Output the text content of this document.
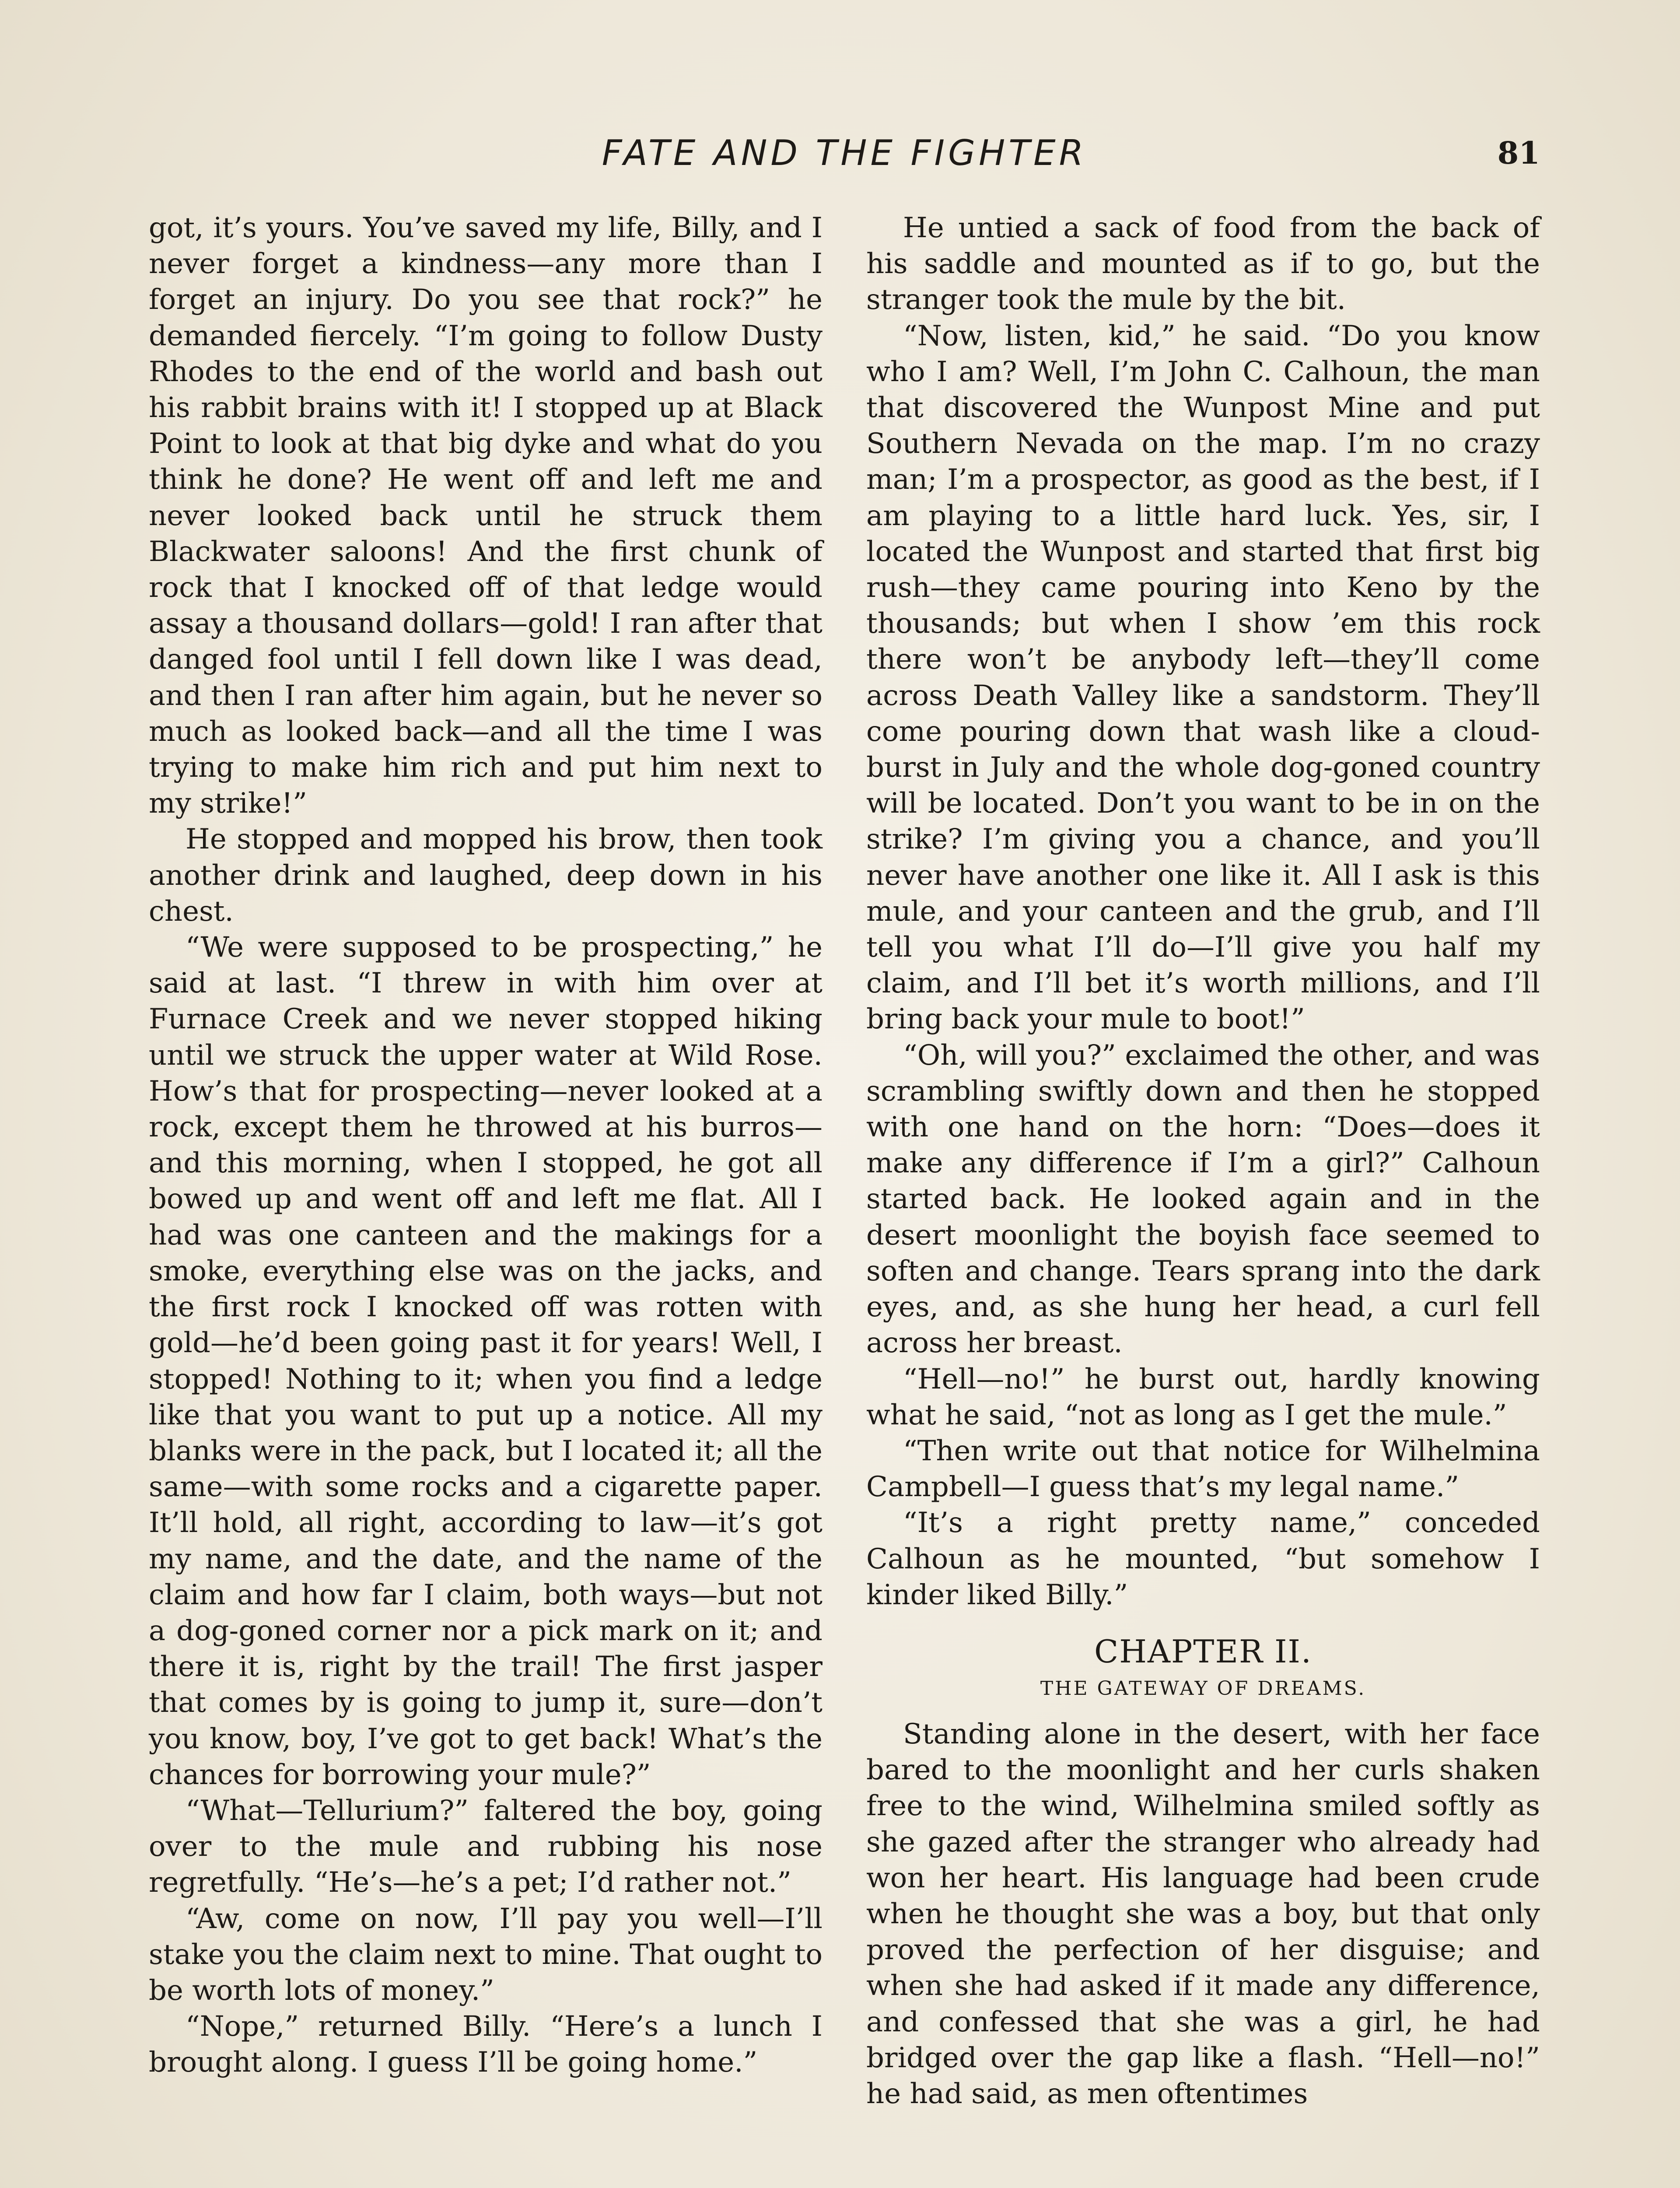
FATE AND THE FIGHTER	81

got, it’s yours. You’ve saved my life, Billy, and I never forget a kindness—any more than I forget an injury. Do you see that rock?” he demanded fiercely. “I’m going to follow Dusty Rhodes to the end of the world and bash out his rabbit brains with it! I stopped up at Black Point to look at that big dyke and what do you think he done? He went off and left me and never looked back until he struck them Blackwater saloons! And the first chunk of rock that I knocked off of that ledge would assay a thousand dollars—gold! I ran after that danged fool until I fell down like I was dead, and then I ran after him again, but he never so much as looked back—and all the time I was trying to make him rich and put him next to my strike!”

He stopped and mopped his brow, then took another drink and laughed, deep down in his chest.

“We were supposed to be prospecting,” he said at last. “I threw in with him over at Furnace Creek and we never stopped hiking until we struck the upper water at Wild Rose. How’s that for prospecting—never looked at a rock, except them he throwed at his burros—and this morning, when I stopped, he got all bowed up and went off and left me flat. All I had was one canteen and the makings for a smoke, everything else was on the jacks, and the first rock I knocked off was rotten with gold—he’d been going past it for years! Well, I stopped! Nothing to it; when you find a ledge like that you want to put up a notice. All my blanks were in the pack, but I located it; all the same—with some rocks and a cigarette paper. It’ll hold, all right, according to law—it’s got my name, and the date, and the name of the claim and how far I claim, both ways—but not a dog-goned corner nor a pick mark on it; and there it is, right by the trail! The first jasper that comes by is going to jump it, sure—don’t you know, boy, I’ve got to get back! What’s the chances for borrowing your mule?”

“What—Tellurium?” faltered the boy, going over to the mule and rubbing his nose regretfully. “He’s—he’s a pet; I’d rather not.”

“Aw, come on now, I’ll pay you well—I’ll stake you the claim next to mine. That ought to be worth lots of money.”

“Nope,” returned Billy. “Here’s a lunch I brought along. I guess I’ll be going home.”

He untied a sack of food from the back of his saddle and mounted as if to go, but the stranger took the mule by the bit.

“Now, listen, kid,” he said. “Do you know who I am? Well, I’m John C. Calhoun, the man that discovered the Wunpost Mine and put Southern Nevada on the map. I’m no crazy man; I’m a prospector, as good as the best, if I am playing to a little hard luck. Yes, sir, I located the Wunpost and started that first big rush—they came pouring into Keno by the thousands; but when I show ’em this rock there won’t be anybody left—they’ll come across Death Valley like a sandstorm. They’ll come pouring down that wash like a cloud-burst in July and the whole dog-goned country will be located. Don’t you want to be in on the strike? I’m giving you a chance, and you’ll never have another one like it. All I ask is this mule, and your canteen and the grub, and I’ll tell you what I’ll do—I’ll give you half my claim, and I’ll bet it’s worth millions, and I’ll bring back your mule to boot!”

“Oh, will you?” exclaimed the other, and was scrambling swiftly down and then he stopped with one hand on the horn: “Does—does it make any difference if I’m a girl?” Calhoun started back. He looked again and in the desert moonlight the boyish face seemed to soften and change. Tears sprang into the dark eyes, and, as she hung her head, a curl fell across her breast.

“Hell—no!” he burst out, hardly knowing what he said, “not as long as I get the mule.”

“Then write out that notice for Wilhelmina Campbell—I guess that’s my legal name.”

“It’s a right pretty name,” conceded Calhoun as he mounted, “but somehow I kinder liked Billy.”

CHAPTER II.
THE GATEWAY OF DREAMS.

Standing alone in the desert, with her face bared to the moonlight and her curls shaken free to the wind, Wilhelmina smiled softly as she gazed after the stranger who already had won her heart. His language had been crude when he thought she was a boy, but that only proved the perfection of her disguise; and when she had asked if it made any difference, and confessed that she was a girl, he had bridged over the gap like a flash. “Hell—no!” he had said, as men oftentimes
